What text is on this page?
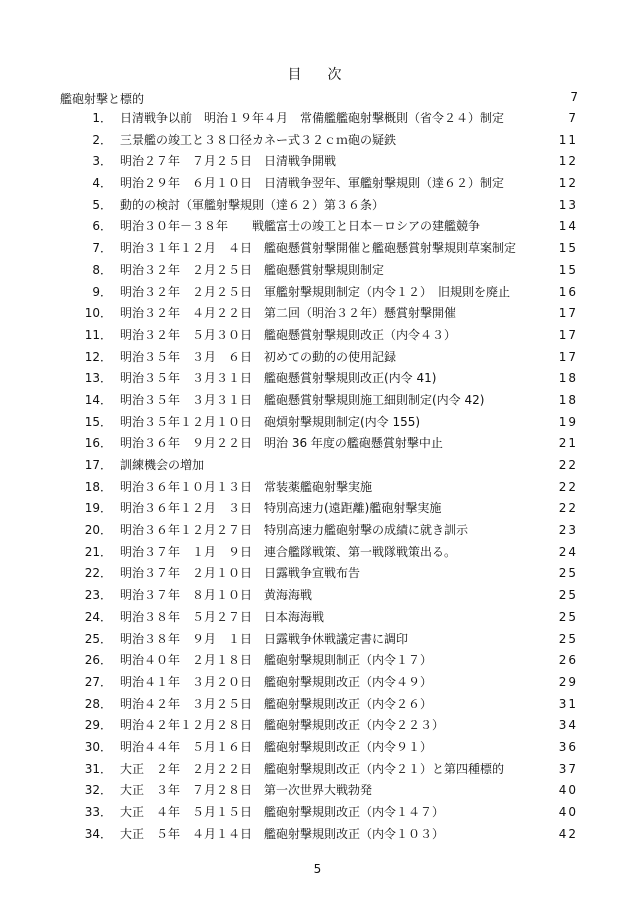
目　次
艦砲射撃と標的	7
1． 日清戦争以前　明治１９年４月　常備艦艦砲射撃概則（省令２４）制定	7
2． 三景艦の竣工と３８口径カネー式３２ｃｍ砲の疑鉄	11
3． 明治２７年　７月２５日　日清戦争開戦	12
4． 明治２９年　６月１０日　日清戦争翌年、軍艦射撃規則（達６２）制定	12
5． 動的の検討（軍艦射撃規則（達６２）第３６条）	13
6． 明治３０年－３８年　　戦艦富士の竣工と日本－ロシアの建艦競争	14
7． 明治３１年１２月　４日　艦砲懸賞射撃開催と艦砲懸賞射撃規則草案制定	15
8． 明治３２年　２月２５日　艦砲懸賞射撃規則制定	15
9． 明治３２年　２月２５日　軍艦射撃規則制定（内令１２）　旧規則を廃止	16
10． 明治３２年　４月２２日　第二回（明治３２年）懸賞射撃開催	17
11． 明治３２年　５月３０日　艦砲懸賞射撃規則改正（内令４３）	17
12． 明治３５年　３月　６日　初めての動的の使用記録	17
13． 明治３５年　３月３１日　艦砲懸賞射撃規則改正(内令 41)	18
14． 明治３５年　３月３１日　艦砲懸賞射撃規則施工細則制定(内令 42)	18
15． 明治３５年１２月１０日　砲熕射撃規則制定(内令 155)	19
16． 明治３６年　９月２２日　明治 36 年度の艦砲懸賞射撃中止	21
17． 訓練機会の増加	22
18． 明治３６年１０月１３日　常装薬艦砲射撃実施	22
19． 明治３６年１２月　３日　特別高速力(遠距離)艦砲射撃実施	22
20． 明治３６年１２月２７日　特別高速力艦砲射撃の成績に就き訓示	23
21． 明治３７年　１月　９日　連合艦隊戦策、第一戦隊戦策出る。	24
22． 明治３７年　２月１０日　日露戦争宣戦布告	25
23． 明治３７年　８月１０日　黄海海戦	25
24． 明治３８年　５月２７日　日本海海戦	25
25． 明治３８年　９月　１日　日露戦争休戦議定書に調印	25
26． 明治４０年　２月１８日　艦砲射撃規則制正（内令１７）	26
27． 明治４１年　３月２０日　艦砲射撃規則改正（内令４９）	29
28． 明治４２年　３月２５日　艦砲射撃規則改正（内令２６）	31
29． 明治４２年１２月２８日　艦砲射撃規則改正（内令２２３）	34
30． 明治４４年　５月１６日　艦砲射撃規則改正（内令９１）	36
31． 大正　２年　２月２２日　艦砲射撃規則改正（内令２１）と第四種標的	37
32． 大正　３年　７月２８日　第一次世界大戦勃発	40
33． 大正　４年　５月１５日　艦砲射撃規則改正（内令１４７）	40
34． 大正　５年　４月１４日　艦砲射撃規則改正（内令１０３）	42
5
